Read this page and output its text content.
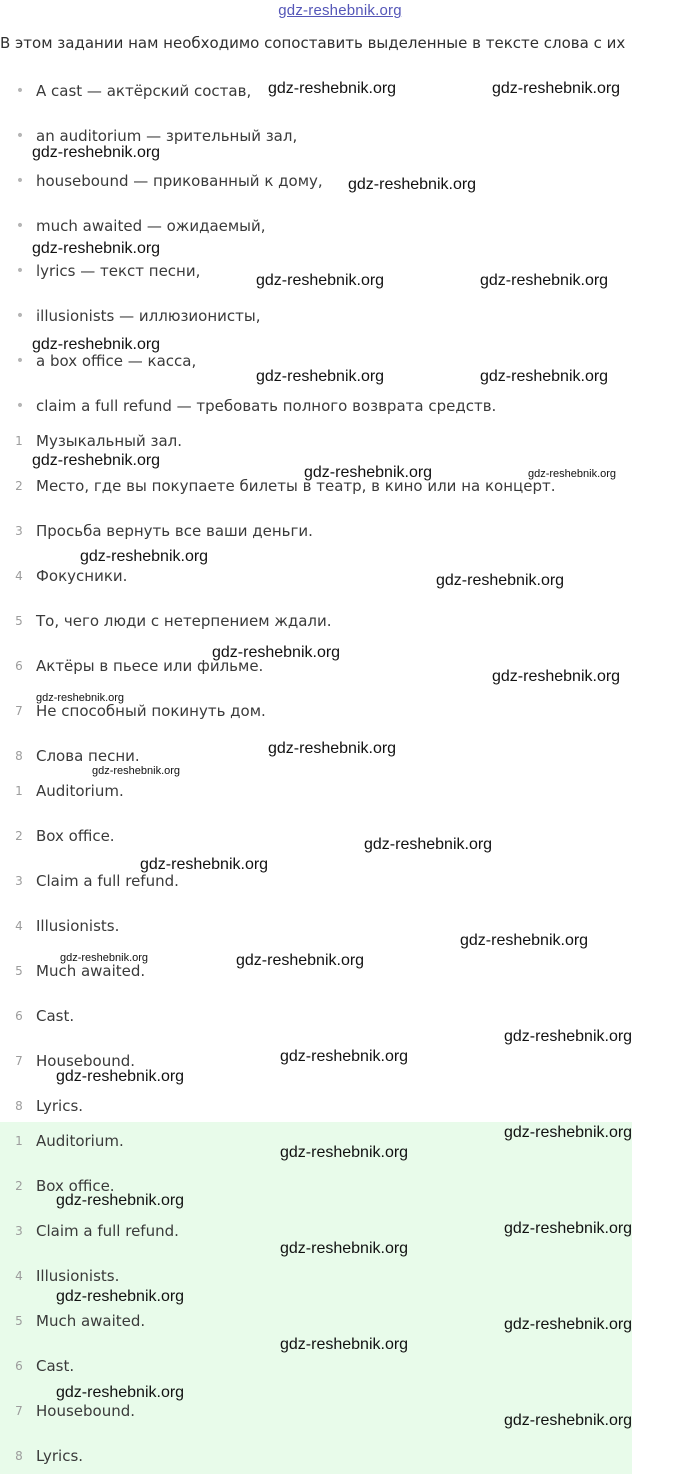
gdz-reshebnik.org
В этом задании нам необходимо сопоставить выделенные в тексте слова с их
• A cast — актёрский состав,
• an auditorium — зрительный зал,
• housebound — прикованный к дому,
• much awaited — ожидаемый,
• lyrics — текст песни,
• illusionists — иллюзионисты,
• a box office — касса,
• claim a full refund — требовать полного возврата средств.
1 Музыкальный зал.
2 Место, где вы покупаете билеты в театр, в кино или на концерт.
3 Просьба вернуть все ваши деньги.
4 Фокусники.
5 То, чего люди с нетерпением ждали.
6 Актёры в пьесе или фильме.
7 Не способный покинуть дом.
8 Слова песни.
1 Auditorium.
2 Box office.
3 Claim a full refund.
4 Illusionists.
5 Much awaited.
6 Cast.
7 Housebound.
8 Lyrics.
1 Auditorium.
2 Box office.
3 Claim a full refund.
4 Illusionists.
5 Much awaited.
6 Cast.
7 Housebound.
8 Lyrics.
gdz-reshebnik.org	gdz-reshebnik.org
gdz-reshebnik.org
gdz-reshebnik.org
gdz-reshebnik.org
gdz-reshebnik.org	gdz-reshebnik.org
gdz-reshebnik.org
gdz-reshebnik.org	gdz-reshebnik.org
gdz-reshebnik.org
gdz-reshebnik.org	gdz-reshebnik.org
gdz-reshebnik.org
gdz-reshebnik.org
gdz-reshebnik.org
gdz-reshebnik.org
gdz-reshebnik.org
gdz-reshebnik.org
gdz-reshebnik.org
gdz-reshebnik.org
gdz-reshebnik.org
gdz-reshebnik.org
gdz-reshebnik.org	gdz-reshebnik.org
gdz-reshebnik.org
gdz-reshebnik.org
gdz-reshebnik.org
gdz-reshebnik.org
gdz-reshebnik.org
gdz-reshebnik.org
gdz-reshebnik.org
gdz-reshebnik.org
gdz-reshebnik.org
gdz-reshebnik.org
gdz-reshebnik.org
gdz-reshebnik.org
gdz-reshebnik.org
